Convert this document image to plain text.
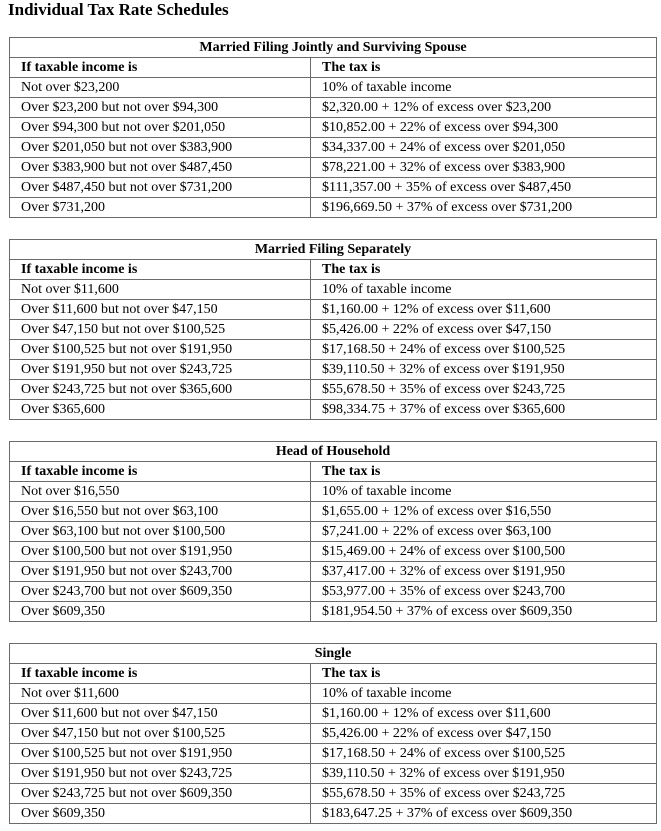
Individual Tax Rate Schedules
Married Filing Jointly and Surviving Spouse	
If taxable income is	The tax is
Not over $23,200	10% of taxable income
Over $23,200 but not over $94,300	$2,320.00 + 12% of excess over $23,200
Over $94,300 but not over $201,050	$10,852.00 + 22% of excess over $94,300
Over $201,050 but not over $383,900	$34,337.00 + 24% of excess over $201,050
Over $383,900 but not over $487,450	$78,221.00 + 32% of excess over $383,900
Over $487,450 but not over $731,200	$111,357.00 + 35% of excess over $487,450
Over $731,200	$196,669.50 + 37% of excess over $731,200
Married Filing Separately	
If taxable income is	The tax is
Not over $11,600	10% of taxable income
Over $11,600 but not over $47,150	$1,160.00 + 12% of excess over $11,600
Over $47,150 but not over $100,525	$5,426.00 + 22% of excess over $47,150
Over $100,525 but not over $191,950	$17,168.50 + 24% of excess over $100,525
Over $191,950 but not over $243,725	$39,110.50 + 32% of excess over $191,950
Over $243,725 but not over $365,600	$55,678.50 + 35% of excess over $243,725
Over $365,600	$98,334.75 + 37% of excess over $365,600
Head of Household	
If taxable income is	The tax is
Not over $16,550	10% of taxable income
Over $16,550 but not over $63,100	$1,655.00 + 12% of excess over $16,550
Over $63,100 but not over $100,500	$7,241.00 + 22% of excess over $63,100
Over $100,500 but not over $191,950	$15,469.00 + 24% of excess over $100,500
Over $191,950 but not over $243,700	$37,417.00 + 32% of excess over $191,950
Over $243,700 but not over $609,350	$53,977.00 + 35% of excess over $243,700
Over $609,350	$181,954.50 + 37% of excess over $609,350
Single	
If taxable income is	The tax is
Not over $11,600	10% of taxable income
Over $11,600 but not over $47,150	$1,160.00 + 12% of excess over $11,600
Over $47,150 but not over $100,525	$5,426.00 + 22% of excess over $47,150
Over $100,525 but not over $191,950	$17,168.50 + 24% of excess over $100,525
Over $191,950 but not over $243,725	$39,110.50 + 32% of excess over $191,950
Over $243,725 but not over $609,350	$55,678.50 + 35% of excess over $243,725
Over $609,350	$183,647.25 + 37% of excess over $609,350
